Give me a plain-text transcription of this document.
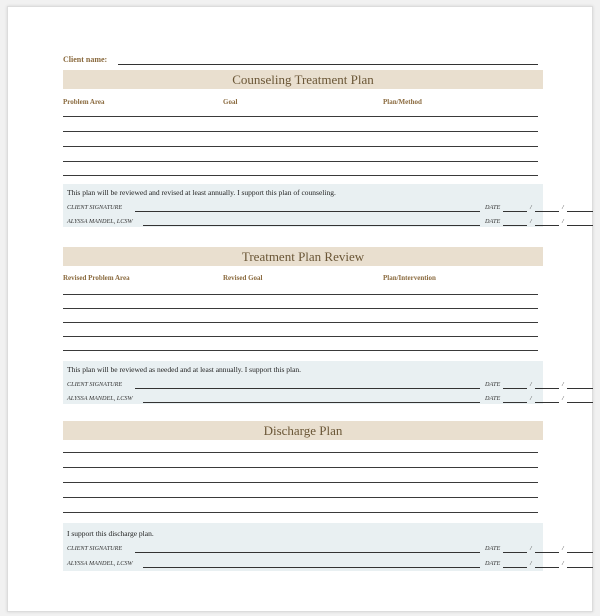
Client name:
Counseling Treatment Plan
Problem Area	Goal	Plan/Method
This plan will be reviewed and revised at least annually. I support this plan of counseling.
CLIENT SIGNATURE	DATE	/	/
ALYSSA MANDEL, LCSW	DATE	/	/
Treatment Plan Review
Revised Problem Area	Revised Goal	Plan/Intervention
This plan will be reviewed as needed and at least annually. I support this plan.
CLIENT SIGNATURE	DATE	/	/
ALYSSA MANDEL, LCSW	DATE	/	/
Discharge Plan
I support this discharge plan.
CLIENT SIGNATURE	DATE	/	/
ALYSSA MANDEL, LCSW	DATE	/	/
